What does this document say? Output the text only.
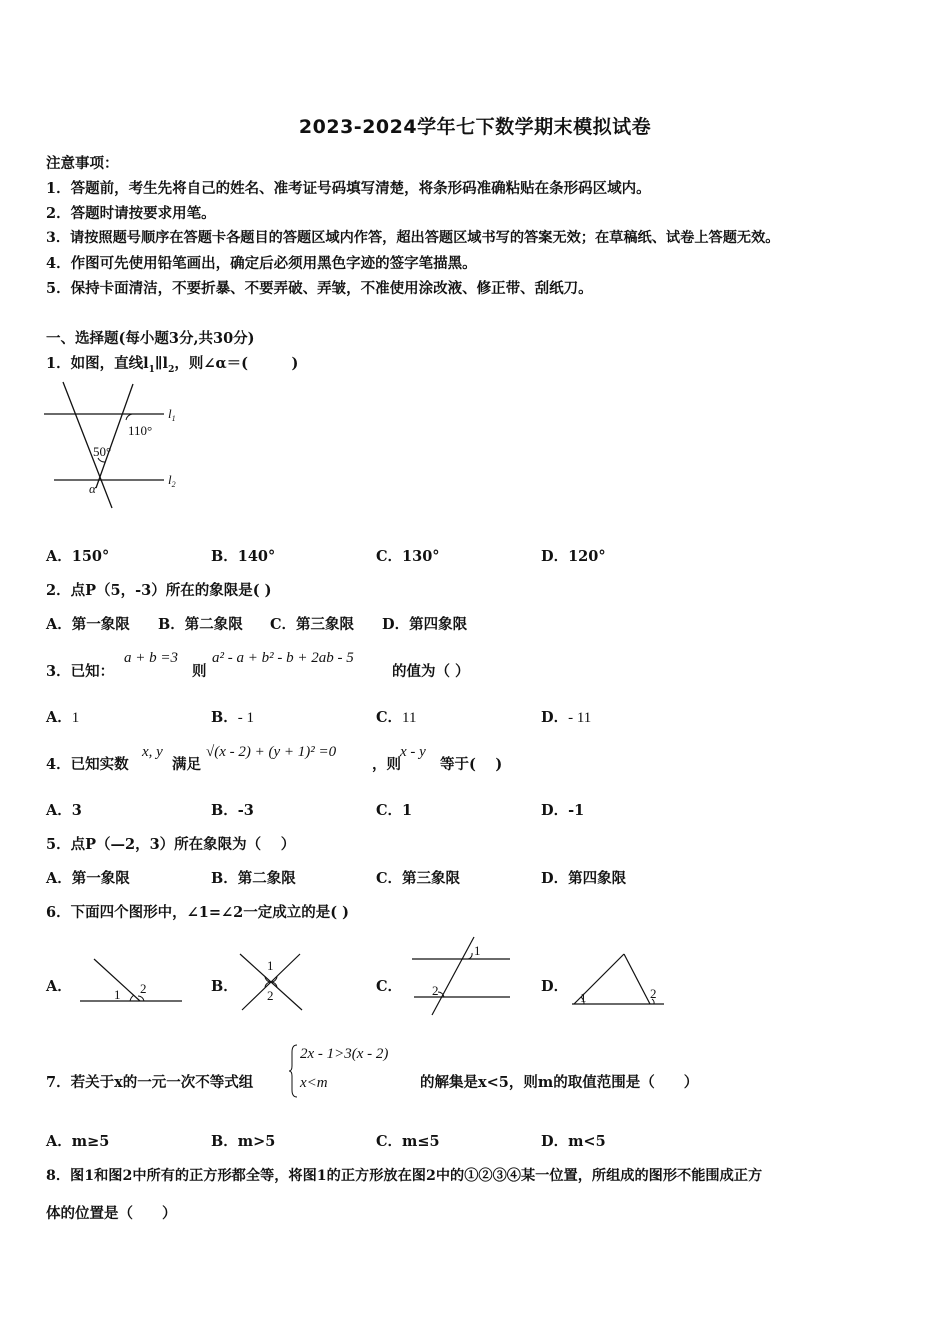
2023-2024学年七下数学期末模拟试卷
注意事项：
1．答题前，考生先将自己的姓名、准考证号码填写清楚，将条形码准确粘贴在条形码区域内。
2．答题时请按要求用笔。
3．请按照题号顺序在答题卡各题目的答题区域内作答，超出答题区域书写的答案无效；在草稿纸、试卷上答题无效。
4．作图可先使用铅笔画出，确定后必须用黑色字迹的签字笔描黑。
5．保持卡面清洁，不要折暴、不要弄破、弄皱，不准使用涂改液、修正带、刮纸刀。
一、选择题(每小题3分,共30分)
1．如图，直线$l_1\parallel l_2$，则∠α＝(　　　)
110°
50°
α
$l_1$
$l_2$
A．150°	B．140°	C．130°	D．120°
2．点P（5，-3）所在的象限是( )
A．第一象限 B．第二象限 C．第三象限 D．第四象限
3．已知：
a + b =3
则
a² - a + b² - b + 2ab - 5
的值为（ ）
A．1	B．- 1	C．11	D．- 11
4．已知实数
x, y
满足
√(x - 2) + (y + 1)² =0
，则
x - y
等于(　 )
A．3	B．-3	C．1	D．-1
5．点P（—2，3）所在象限为（　 ）
A．第一象限	B．第二象限	C．第三象限	D．第四象限
6．下面四个图形中，∠1=∠2一定成立的是( )
A．	1 2	B．
1
2
C．
1
2	D．
1	2
7．若关于x的一元一次不等式组
2x - 1>3(x - 2)
x<m	的解集是x<5，则m的取值范围是（　　）
A．m≥5	B．m>5	C．m≤5	D．m<5
8．图1和图2中所有的正方形都全等，将图1的正方形放在图2中的①②③④某一位置，所组成的图形不能围成正方
体的位置是（　　）
